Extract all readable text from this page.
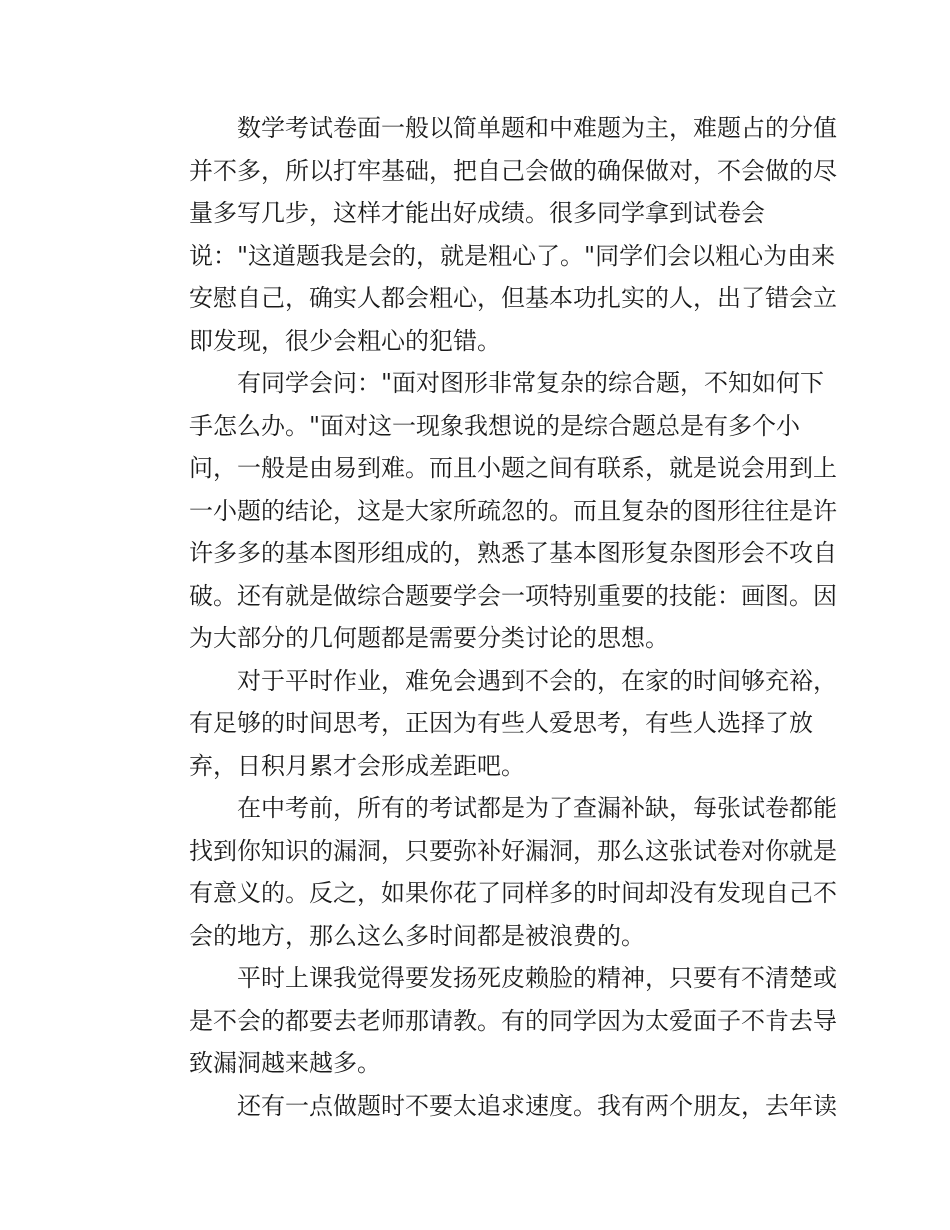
数学考试卷面一般以简单题和中难题为主，难题占的分值
并不多，所以打牢基础，把自己会做的确保做对，不会做的尽
量多写几步，这样才能出好成绩。很多同学拿到试卷会
说："这道题我是会的，就是粗心了。"同学们会以粗心为由来
安慰自己，确实人都会粗心，但基本功扎实的人，出了错会立
即发现，很少会粗心的犯错。
有同学会问："面对图形非常复杂的综合题，不知如何下
手怎么办。"面对这一现象我想说的是综合题总是有多个小
问，一般是由易到难。而且小题之间有联系，就是说会用到上
一小题的结论，这是大家所疏忽的。而且复杂的图形往往是许
许多多的基本图形组成的，熟悉了基本图形复杂图形会不攻自
破。还有就是做综合题要学会一项特别重要的技能：画图。因
为大部分的几何题都是需要分类讨论的思想。
对于平时作业，难免会遇到不会的，在家的时间够充裕，
有足够的时间思考，正因为有些人爱思考，有些人选择了放
弃，日积月累才会形成差距吧。
在中考前，所有的考试都是为了查漏补缺，每张试卷都能
找到你知识的漏洞，只要弥补好漏洞，那么这张试卷对你就是
有意义的。反之，如果你花了同样多的时间却没有发现自己不
会的地方，那么这么多时间都是被浪费的。
平时上课我觉得要发扬死皮赖脸的精神，只要有不清楚或
是不会的都要去老师那请教。有的同学因为太爱面子不肯去导
致漏洞越来越多。
还有一点做题时不要太追求速度。我有两个朋友，去年读
